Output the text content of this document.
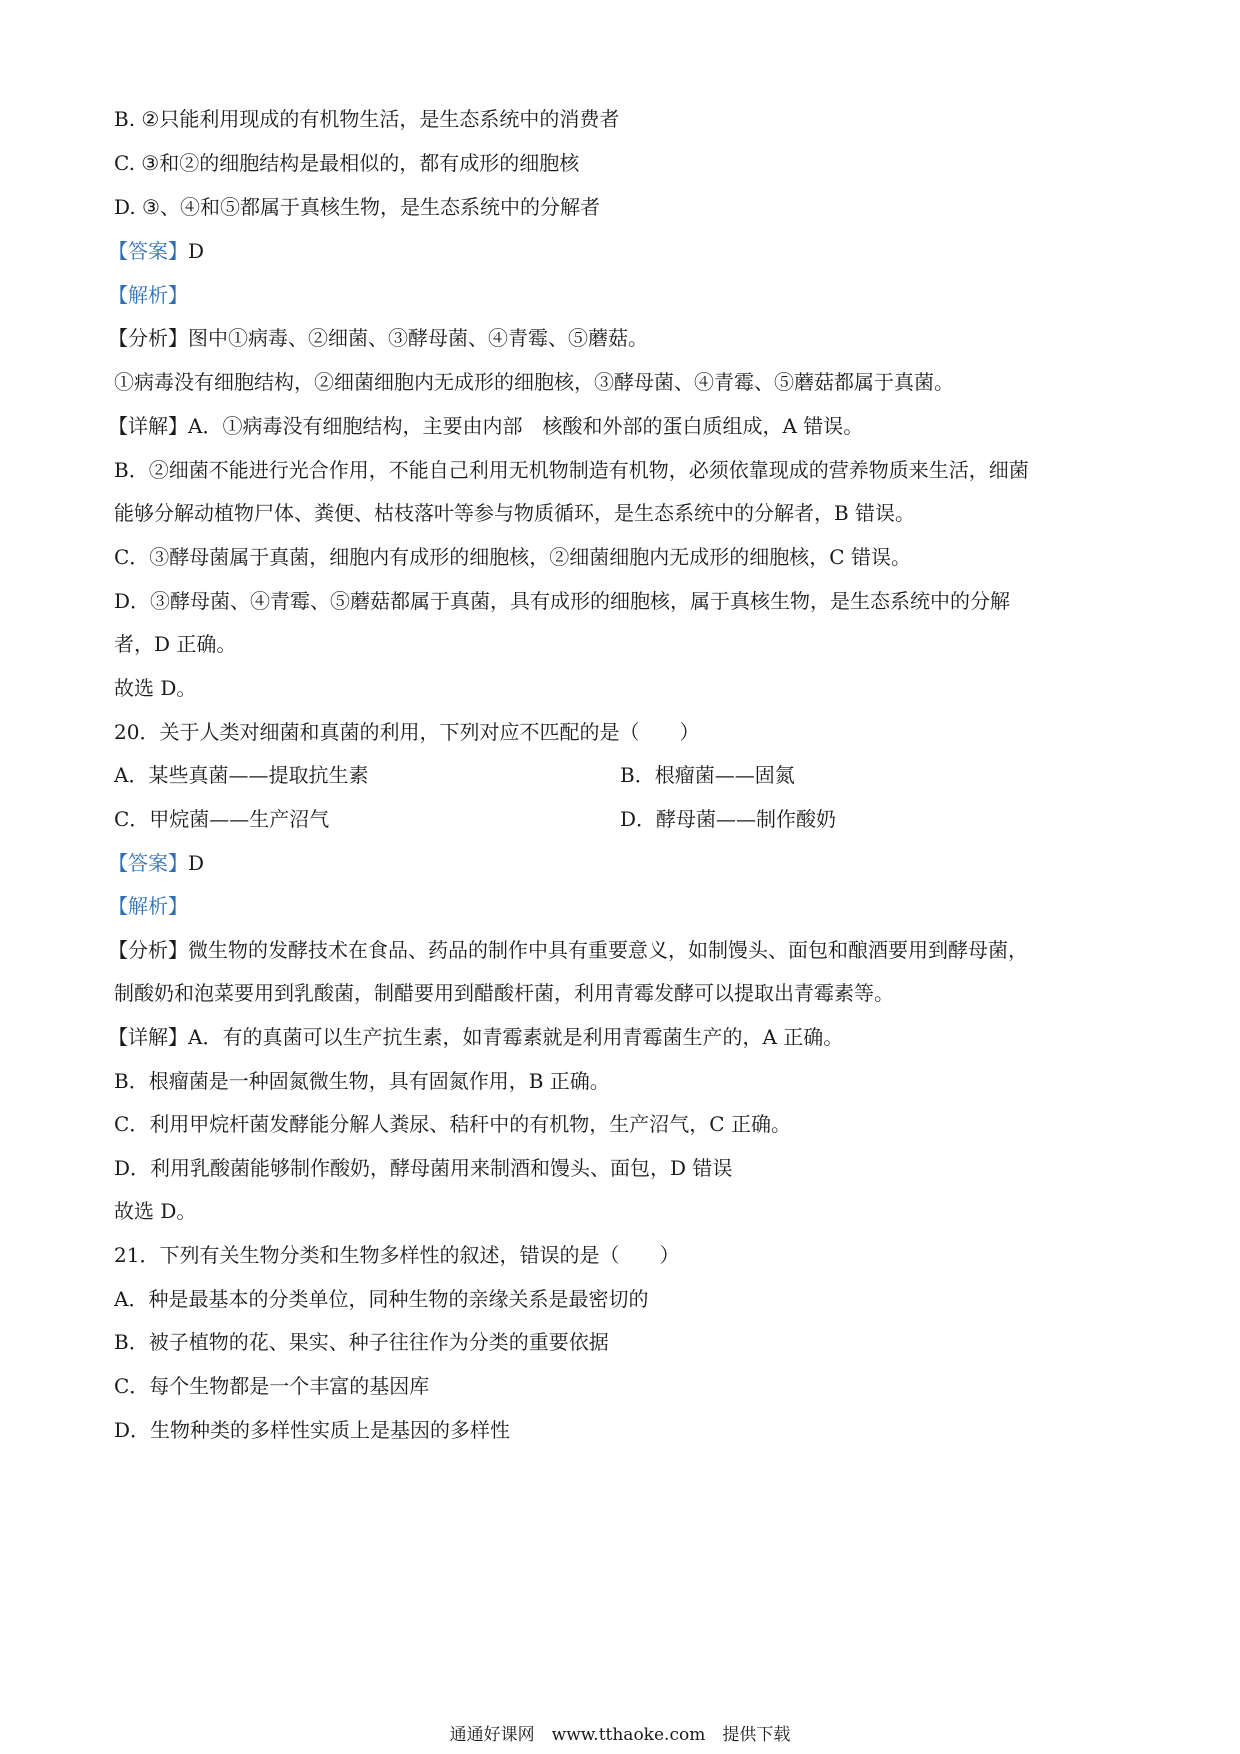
B. ②只能利用现成的有机物生活，是生态系统中的消费者
C. ③和②的细胞结构是最相似的，都有成形的细胞核
D. ③、④和⑤都属于真核生物，是生态系统中的分解者
【答案】D
【解析】
【分析】图中①病毒、②细菌、③酵母菌、④青霉、⑤蘑菇。
①病毒没有细胞结构，②细菌细胞内无成形的细胞核，③酵母菌、④青霉、⑤蘑菇都属于真菌。
【详解】A．①病毒没有细胞结构，主要由内部　核酸和外部的蛋白质组成，A 错误。
B．②细菌不能进行光合作用，不能自己利用无机物制造有机物，必须依靠现成的营养物质来生活，细菌
能够分解动植物尸体、粪便、枯枝落叶等参与物质循环，是生态系统中的分解者，B 错误。
C．③酵母菌属于真菌，细胞内有成形的细胞核，②细菌细胞内无成形的细胞核，C 错误。
D．③酵母菌、④青霉、⑤蘑菇都属于真菌，具有成形的细胞核，属于真核生物，是生态系统中的分解
者，D 正确。
故选 D。
20．关于人类对细菌和真菌的利用，下列对应不匹配的是（　　）
A．某些真菌——提取抗生素	B．根瘤菌——固氮
C．甲烷菌——生产沼气	D．酵母菌——制作酸奶
【答案】D
【解析】
【分析】微生物的发酵技术在食品、药品的制作中具有重要意义，如制馒头、面包和酿酒要用到酵母菌，
制酸奶和泡菜要用到乳酸菌，制醋要用到醋酸杆菌，利用青霉发酵可以提取出青霉素等。
【详解】A．有的真菌可以生产抗生素，如青霉素就是利用青霉菌生产的，A 正确。
B．根瘤菌是一种固氮微生物，具有固氮作用，B 正确。
C．利用甲烷杆菌发酵能分解人粪尿、秸秆中的有机物，生产沼气，C 正确。
D．利用乳酸菌能够制作酸奶，酵母菌用来制酒和馒头、面包，D 错误
故选 D。
21．下列有关生物分类和生物多样性的叙述，错误的是（　　）
A．种是最基本的分类单位，同种生物的亲缘关系是最密切的
B．被子植物的花、果实、种子往往作为分类的重要依据
C．每个生物都是一个丰富的基因库
D．生物种类的多样性实质上是基因的多样性
通通好课网　www.tthaoke.com　提供下载
